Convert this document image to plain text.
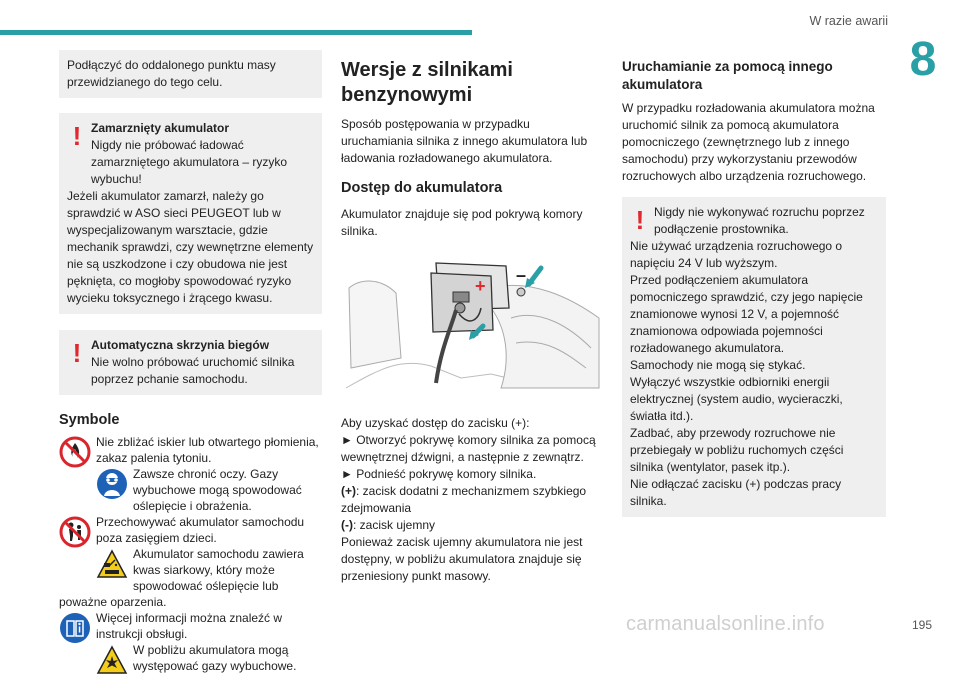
W razie awarii
8

Podłączyć do oddalonego punktu masy przewidzianego do tego celu.

! Zamarznięty akumulator

Nigdy nie próbować ładować zamarzniętego akumulatora – ryzyko wybuchu!

Jeżeli akumulator zamarzł, należy go sprawdzić w ASO sieci PEUGEOT lub w wyspecjalizowanym warsztacie, gdzie mechanik sprawdzi, czy wewnętrzne elementy nie są uszkodzone i czy obudowa nie jest pęknięta, co mogłoby spowodować ryzyko wycieku toksycznego i żrącego kwasu.

! Automatyczna skrzynia biegów

Nie wolno próbować uruchomić silnika poprzez pchanie samochodu.

Symbole
Nie zbliżać iskier lub otwartego płomienia, zakaz palenia tytoniu.
Zawsze chronić oczy. Gazy wybuchowe mogą spowodować oślepięcie i obrażenia.
Przechowywać akumulator samochodu poza zasięgiem dzieci.
Akumulator samochodu zawiera kwas siarkowy, który może spowodować oślepięcie lub poważne oparzenia.
Więcej informacji można znaleźć w instrukcji obsługi.
W pobliżu akumulatora mogą występować gazy wybuchowe.
Wersje z silnikami benzynowymi

Sposób postępowania w przypadku uruchamiania silnika z innego akumulatora lub ładowania rozładowanego akumulatora.

Dostęp do akumulatora

Akumulator znajduje się pod pokrywą komory silnika.

+
–

Aby uzyskać dostęp do zacisku (+):

► Otworzyć pokrywę komory silnika za pomocą wewnętrznej dźwigni, a następnie z zewnątrz.

► Podnieść pokrywę komory silnika.

(+): zacisk dodatni z mechanizmem szybkiego zdejmowania

(-): zacisk ujemny

Ponieważ zacisk ujemny akumulatora nie jest dostępny, w pobliżu akumulatora znajduje się przeniesiony punkt masowy.

Uruchamianie za pomocą innego akumulatora

W przypadku rozładowania akumulatora można uruchomić silnik za pomocą akumulatora pomocniczego (zewnętrznego lub z innego samochodu) przy wykorzystaniu przewodów rozruchowych albo urządzenia rozruchowego.

! Nigdy nie wykonywać rozruchu poprzez podłączenie prostownika.

Nie używać urządzenia rozruchowego o napięciu 24 V lub wyższym.

Przed podłączeniem akumulatora pomocniczego sprawdzić, czy jego napięcie znamionowe wynosi 12 V, a pojemność znamionowa odpowiada pojemności rozładowanego akumulatora.

Samochody nie mogą się stykać.

Wyłączyć wszystkie odbiorniki energii elektrycznej (system audio, wycieraczki, światła itd.).

Zadbać, aby przewody rozruchowe nie przebiegały w pobliżu ruchomych części silnika (wentylator, pasek itp.).

Nie odłączać zacisku (+) podczas pracy silnika.

carmanualsonline.info	195
